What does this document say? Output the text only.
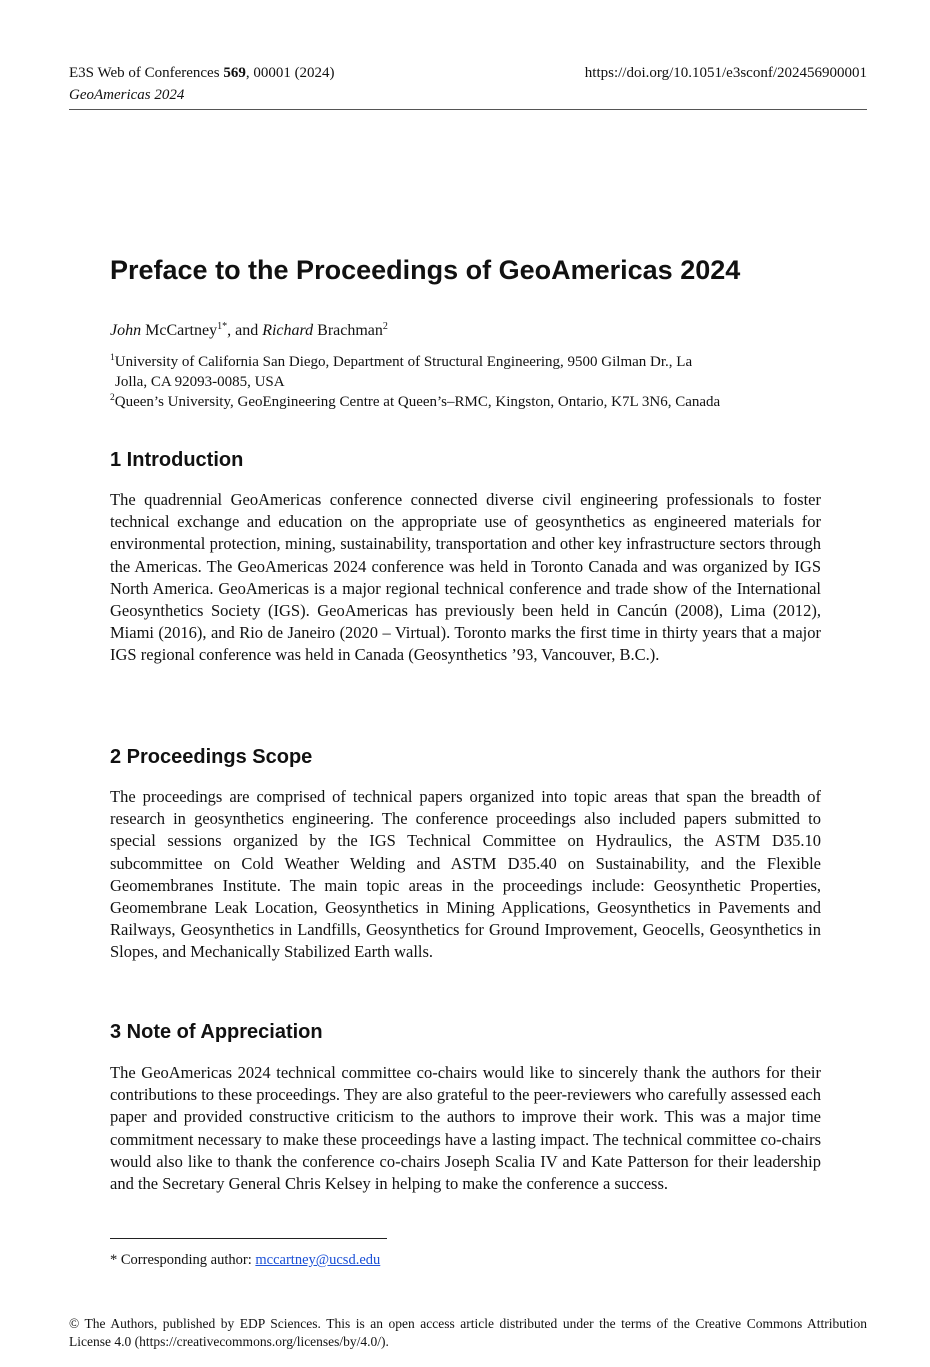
E3S Web of Conferences 569, 00001 (2024)	https://doi.org/10.1051/e3sconf/202456900001
GeoAmericas 2024
Preface to the Proceedings of GeoAmericas 2024
John McCartney$^{1*}$, and Richard Brachman$^2$

$^1$University of California San Diego, Department of Structural Engineering, 9500 Gilman Dr., La
Jolla, CA 92093-0085, USA

$^2$Queen’s University, GeoEngineering Centre at Queen’s–RMC, Kingston, Ontario, K7L 3N6, Canada

1 Introduction

The quadrennial GeoAmericas conference connected diverse civil engineering professionals to foster technical exchange and education on the appropriate use of geosynthetics as engineered materials for environmental protection, mining, sustainability, transportation and other key infrastructure sectors through the Americas. The GeoAmericas 2024 conference was held in Toronto Canada and was organized by IGS North America. GeoAmericas is a major regional technical conference and trade show of the International Geosynthetics Society (IGS). GeoAmericas has previously been held in Cancún (2008), Lima (2012), Miami (2016), and Rio de Janeiro (2020 – Virtual). Toronto marks the first time in thirty years that a major IGS regional conference was held in Canada (Geosynthetics ’93, Vancouver, B.C.).

2 Proceedings Scope

The proceedings are comprised of technical papers organized into topic areas that span the breadth of research in geosynthetics engineering. The conference proceedings also included papers submitted to special sessions organized by the IGS Technical Committee on Hydraulics, the ASTM D35.10 subcommittee on Cold Weather Welding and ASTM D35.40 on Sustainability, and the Flexible Geomembranes Institute. The main topic areas in the proceedings include: Geosynthetic Properties, Geomembrane Leak Location, Geosynthetics in Mining Applications, Geosynthetics in Pavements and Railways, Geosynthetics in Landfills, Geosynthetics for Ground Improvement, Geocells, Geosynthetics in Slopes, and Mechanically Stabilized Earth walls.

3 Note of Appreciation

The GeoAmericas 2024 technical committee co-chairs would like to sincerely thank the authors for their contributions to these proceedings. They are also grateful to the peer-reviewers who carefully assessed each paper and provided constructive criticism to the authors to improve their work. This was a major time commitment necessary to make these proceedings have a lasting impact. The technical committee co-chairs would also like to thank the conference co-chairs Joseph Scalia IV and Kate Patterson for their leadership and the Secretary General Chris Kelsey in helping to make the conference a success.

* Corresponding author: mccartney@ucsd.edu

© The Authors, published by EDP Sciences. This is an open access article distributed under the terms of the Creative Commons Attribution License 4.0 (https://creativecommons.org/licenses/by/4.0/).
